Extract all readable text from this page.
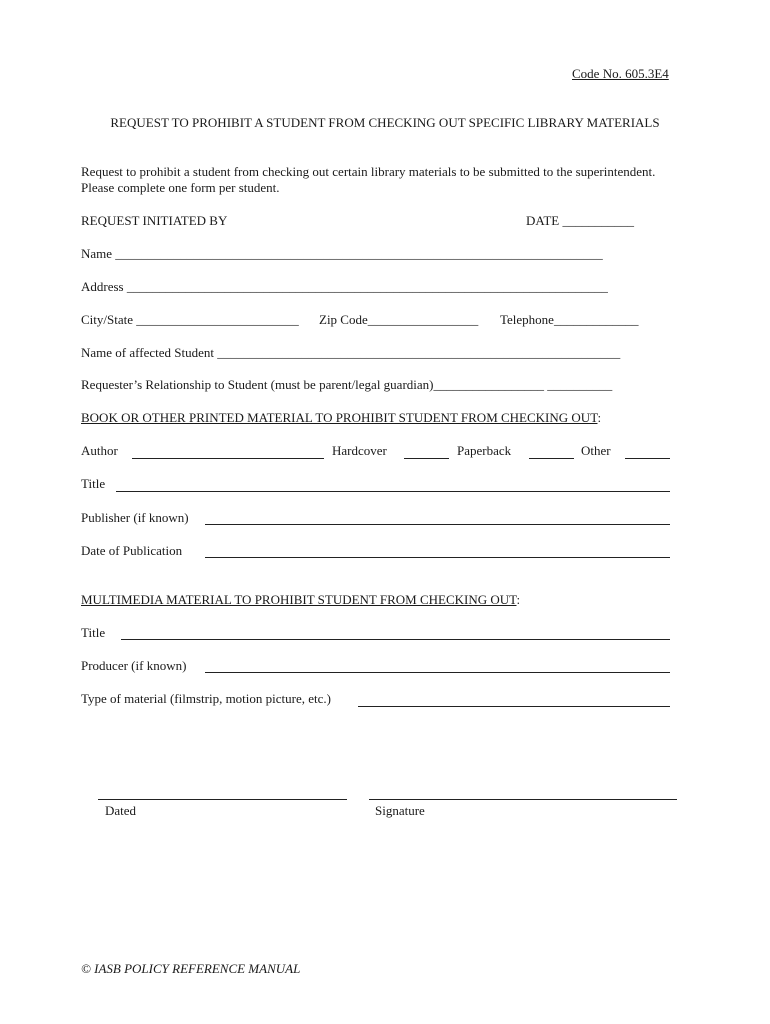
Code No. 605.3E4
REQUEST TO PROHIBIT A STUDENT FROM CHECKING OUT SPECIFIC LIBRARY MATERIALS
Request to prohibit a student from checking out certain library materials to be submitted to the superintendent. Please complete one form per student.
REQUEST INITIATED BY	DATE ___________
Name ___________________________________________________________________________
Address __________________________________________________________________________
City/State _________________________ Zip Code_________________ Telephone_____________
Name of affected Student ______________________________________________________________
Requester’s Relationship to Student (must be parent/legal guardian)_________________ __________
BOOK OR OTHER PRINTED MATERIAL TO PROHIBIT STUDENT FROM CHECKING OUT:
Author	Hardcover	Paperback	Other
Title
Publisher (if known)
Date of Publication
MULTIMEDIA MATERIAL TO PROHIBIT STUDENT FROM CHECKING OUT:
Title
Producer (if known)
Type of material (filmstrip, motion picture, etc.)
Dated	Signature
© IASB POLICY REFERENCE MANUAL
